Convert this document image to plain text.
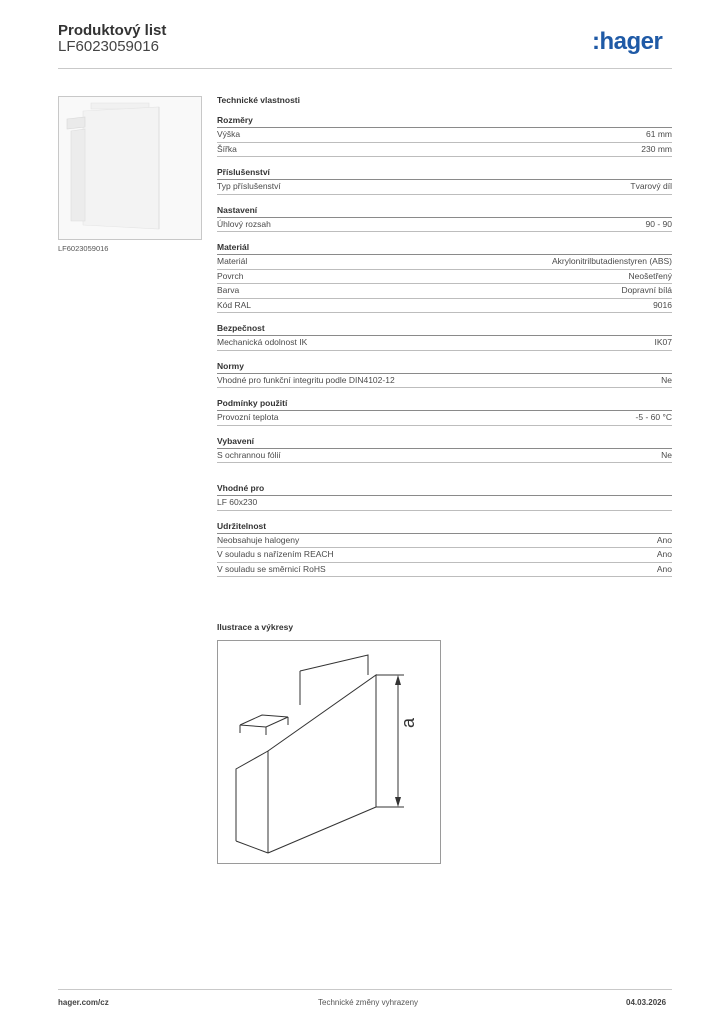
Produktový list
LF6023059016	:hager
LF6023059016
Technické vlastnosti
Rozměry
Výška	61 mm
Šířka	230 mm
Příslušenství
Typ příslušenství	Tvarový díl
Nastavení
Úhlový rozsah	90 - 90
Materiál
Materiál	Akrylonitrilbutadienstyren (ABS)
Povrch	Neošetřený
Barva	Dopravní bílá
Kód RAL	9016
Bezpečnost
Mechanická odolnost IK	IK07
Normy
Vhodné pro funkční integritu podle DIN4102-12	Ne
Podmínky použití
Provozní teplota	-5 - 60 °C
Vybavení
S ochrannou fólií	Ne
Vhodné pro
LF 60x230
Udržitelnost
Neobsahuje halogeny	Ano
V souladu s nařízením REACH	Ano
V souladu se směrnicí RoHS	Ano
Ilustrace a výkresy
a
hager.com/cz	Technické změny vyhrazeny	04.03.2026
